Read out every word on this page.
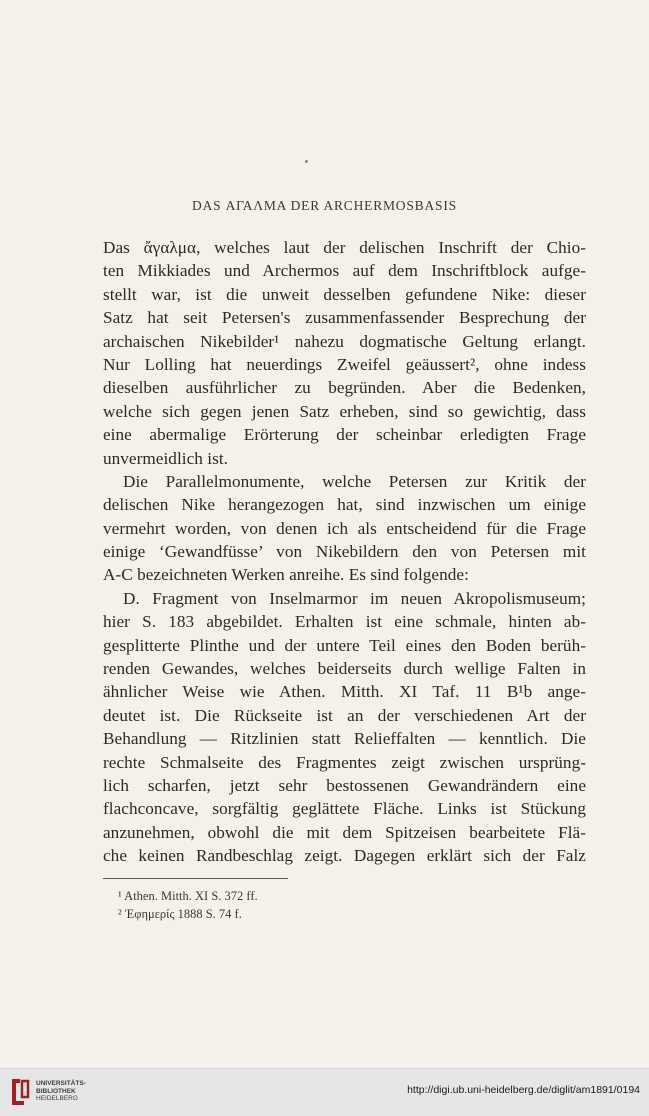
DAS ΑΓΑΛΜΑ DER ARCHERMOSBASIS
Das ἄγαλμα, welches laut der delischen Inschrift der Chio-
ten Mikkiades und Archermos auf dem Inschriftblock aufge-
stellt war, ist die unweit desselben gefundene Nike: dieser
Satz hat seit Petersen's zusammenfassender Besprechung der
archaischen Nikebilder¹ nahezu dogmatische Geltung erlangt.
Nur Lolling hat neuerdings Zweifel geäussert², ohne indess
dieselben ausführlicher zu begründen. Aber die Bedenken,
welche sich gegen jenen Satz erheben, sind so gewichtig, dass
eine abermalige Erörterung der scheinbar erledigten Frage
unvermeidlich ist.
Die Parallelmonumente, welche Petersen zur Kritik der
delischen Nike herangezogen hat, sind inzwischen um einige
vermehrt worden, von denen ich als entscheidend für die Frage
einige ‘Gewandfüsse’ von Nikebildern den von Petersen mit
A-C bezeichneten Werken anreihe. Es sind folgende:
D. Fragment von Inselmarmor im neuen Akropolismuseum;
hier S. 183 abgebildet. Erhalten ist eine schmale, hinten ab-
gesplitterte Plinthe und der untere Teil eines den Boden berüh-
renden Gewandes, welches beiderseits durch wellige Falten in
ähnlicher Weise wie Athen. Mitth. XI Taf. 11 B¹b ange-
deutet ist. Die Rückseite ist an der verschiedenen Art der
Behandlung — Ritzlinien statt Relieffalten — kenntlich. Die
rechte Schmalseite des Fragmentes zeigt zwischen ursprüng-
lich scharfen, jetzt sehr bestossenen Gewandrändern eine
flachconcave, sorgfältig geglättete Fläche. Links ist Stückung
anzunehmen, obwohl die mit dem Spitzeisen bearbeitete Flä-
che keinen Randbeschlag zeigt. Dagegen erklärt sich der Falz
¹ Athen. Mitth. XI S. 372 ff.
² Ἐφημερίς 1888 S. 74 f.
UNIVERSITÄTS-
BIBLIOTHEK
HEIDELBERG
http://digi.ub.uni-heidelberg.de/diglit/am1891/0194
